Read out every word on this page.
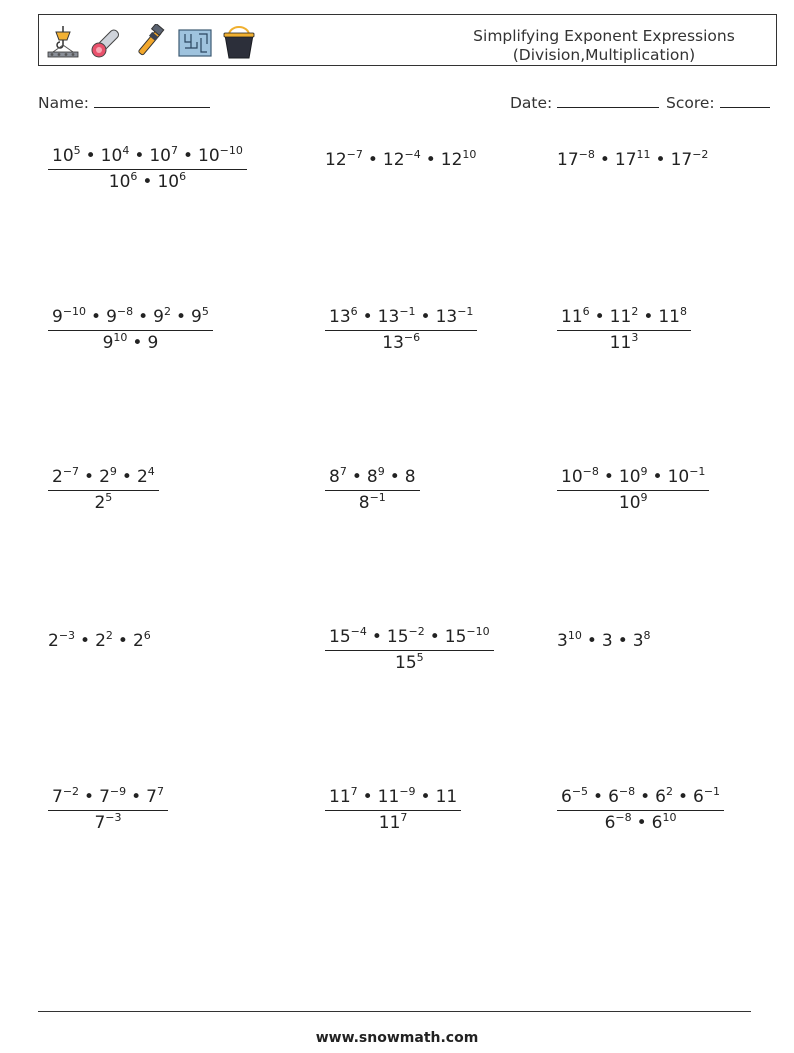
Simplifying Exponent Expressions
(Division,Multiplication)
Name:	Date:	Score:
$\frac{10^5 • 10^4 • 10^7 • 10^{-10}}{10^6 • 10^6}$	$12^{-7}$ • $12^{-4}$ • $12^{10}$	$17^{-8}$ • $17^{11}$ • $17^{-2}$
$\frac{9^{-10} • 9^{-8} • 9^2 • 9^5}{9^{10} • 9}$	$\frac{13^6 • 13^{-1} • 13^{-1}}{13^{-6}}$	$\frac{11^6 • 11^2 • 11^8}{11^3}$
$\frac{2^{-7} • 2^9 • 2^4}{2^5}$	$\frac{8^7 • 8^9 • 8}{8^{-1}}$	$\frac{10^{-8} • 10^9 • 10^{-1}}{10^9}$
$2^{-3}$ • $2^2$ • $2^6$	$\frac{15^{-4} • 15^{-2} • 15^{-10}}{15^5}$	$3^{10}$ • 3 • $3^8$
$\frac{7^{-2} • 7^{-9} • 7^7}{7^{-3}}$	$\frac{11^7 • 11^{-9} • 11}{11^7}$	$\frac{6^{-5} • 6^{-8} • 6^2 • 6^{-1}}{6^{-8} • 6^{10}}$
www.snowmath.com
